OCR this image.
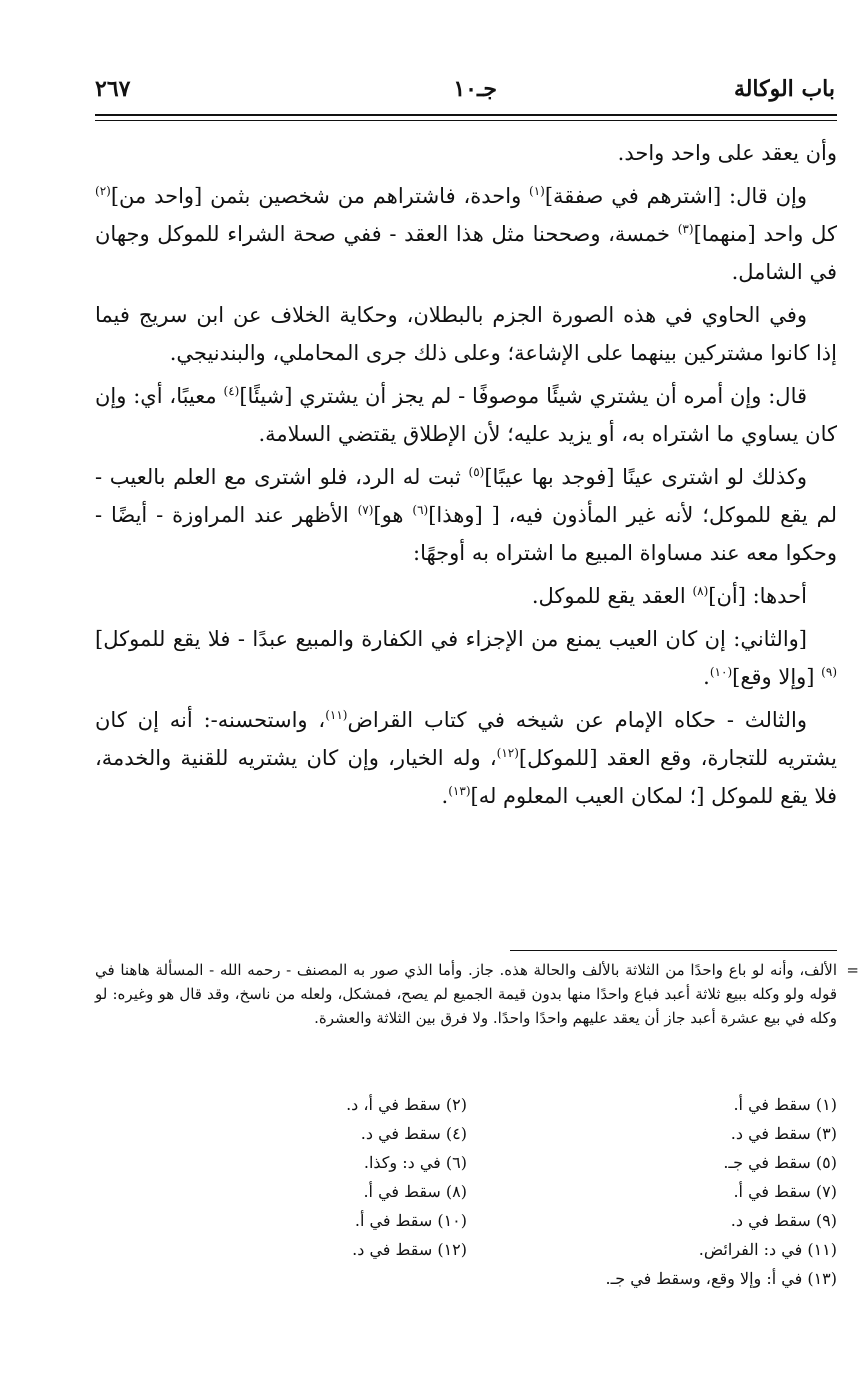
باب الوكالة
جـ١٠
٢٦٧

وأن يعقد على واحد واحد.

وإن قال: [اشترهم في صفقة]$^{(١)}$ واحدة، فاشتراهم من شخصين بثمن [واحد من]$^{(٢)}$ كل واحد [منهما]$^{(٣)}$ خمسة، وصححنا مثل هذا العقد - ففي صحة الشراء للموكل وجهان في الشامل.

وفي الحاوي في هذه الصورة الجزم بالبطلان، وحكاية الخلاف عن ابن سريج فيما إذا كانوا مشتركين بينهما على الإشاعة؛ وعلى ذلك جرى المحاملي، والبندنيجي.

قال: وإن أمره أن يشتري شيئًا موصوفًا - لم يجز أن يشتري [شيئًا]$^{(٤)}$ معيبًا، أي: وإن كان يساوي ما اشتراه به، أو يزيد عليه؛ لأن الإطلاق يقتضي السلامة.

وكذلك لو اشترى عينًا [فوجد بها عيبًا]$^{(٥)}$ ثبت له الرد، فلو اشترى مع العلم بالعيب - لم يقع للموكل؛ لأنه غير المأذون فيه، [ [وهذا]$^{(٦)}$ هو]$^{(٧)}$ الأظهر عند المراوزة - أيضًا - وحكوا معه عند مساواة المبيع ما اشتراه به أوجهًا:

أحدها: [أن]$^{(٨)}$ العقد يقع للموكل.

[والثاني: إن كان العيب يمنع من الإجزاء في الكفارة والمبيع عبدًا - فلا يقع للموكل]$^{(٩)}$ [وإلا وقع]$^{(١٠)}$.

والثالث - حكاه الإمام عن شيخه في كتاب القراض$^{(١١)}$، واستحسنه-: أنه إن كان يشتريه للتجارة، وقع العقد [للموكل]$^{(١٢)}$، وله الخيار، وإن كان يشتريه للقنية والخدمة، فلا يقع للموكل [؛ لمكان العيب المعلوم له]$^{(١٣)}$.

=
الألف، وأنه لو باع واحدًا من الثلاثة بالألف والحالة هذه. جاز. وأما الذي صور به المصنف - رحمه الله - المسألة هاهنا في قوله ولو وكله ببيع ثلاثة أعبد فباع واحدًا منها بدون قيمة الجميع لم يصح، فمشكل، ولعله من ناسخ، وقد قال هو وغيره: لو وكله في بيع عشرة أعبد جاز أن يعقد عليهم واحدًا واحدًا. ولا فرق بين الثلاثة والعشرة.
(١) سقط في أ.
(٢) سقط في أ، د.
(٣) سقط في د.
(٤) سقط في د.
(٥) سقط في جـ.
(٦) في د: وكذا.
(٧) سقط في أ.
(٨) سقط في أ.
(٩) سقط في د.
(١٠) سقط في أ.
(١١) في د: الفرائض.
(١٢) سقط في د.
(١٣) في أ: وإلا وقع، وسقط في جـ.
